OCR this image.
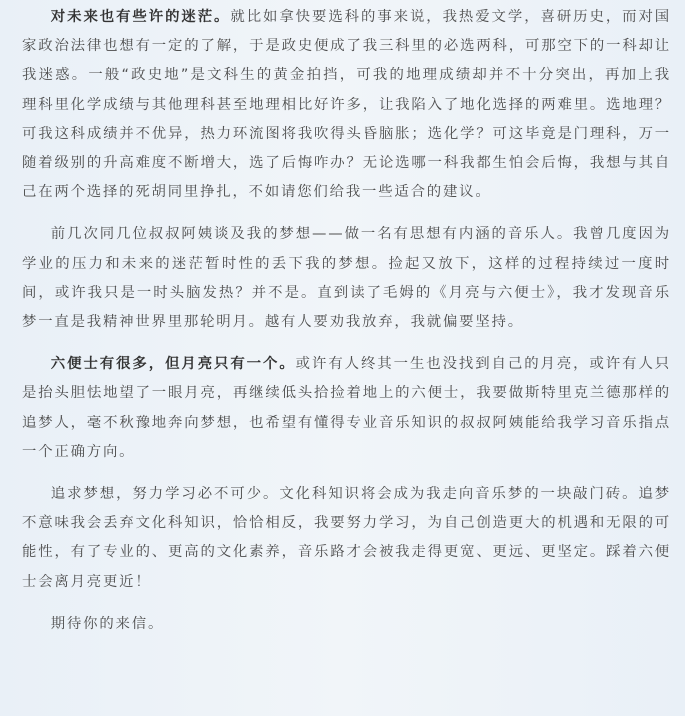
对未来也有些许的迷茫。就比如拿快要选科的事来说，我热爱文学，喜研历史，而对国家政治法律也想有一定的了解，于是政史便成了我三科里的必选两科，可那空下的一科却让我迷惑。一般“政史地”是文科生的黄金拍挡，可我的地理成绩却并不十分突出，再加上我理科里化学成绩与其他理科甚至地理相比好许多，让我陷入了地化选择的两难里。选地理？可我这科成绩并不优异，热力环流图将我吹得头昏脑胀；选化学？可这毕竟是门理科，万一随着级别的升高难度不断增大，选了后悔咋办？无论选哪一科我都生怕会后悔，我想与其自己在两个选择的死胡同里挣扎，不如请您们给我一些适合的建议。

前几次同几位叔叔阿姨谈及我的梦想——做一名有思想有内涵的音乐人。我曾几度因为学业的压力和未来的迷茫暂时性的丢下我的梦想。捡起又放下，这样的过程持续过一度时间，或许我只是一时头脑发热？并不是。直到读了毛姆的《月亮与六便士》，我才发现音乐梦一直是我精神世界里那轮明月。越有人要劝我放弃，我就偏要坚持。

六便士有很多，但月亮只有一个。或许有人终其一生也没找到自己的月亮，或许有人只是抬头胆怯地望了一眼月亮，再继续低头拾捡着地上的六便士，我要做斯特里克兰德那样的追梦人，毫不秋豫地奔向梦想，也希望有懂得专业音乐知识的叔叔阿姨能给我学习音乐指点一个正确方向。

追求梦想，努力学习必不可少。文化科知识将会成为我走向音乐梦的一块敲门砖。追梦不意味我会丢弃文化科知识，恰恰相反，我要努力学习，为自己创造更大的机遇和无限的可能性，有了专业的、更高的文化素养，音乐路才会被我走得更宽、更远、更坚定。踩着六便士会离月亮更近！

期待你的来信。
